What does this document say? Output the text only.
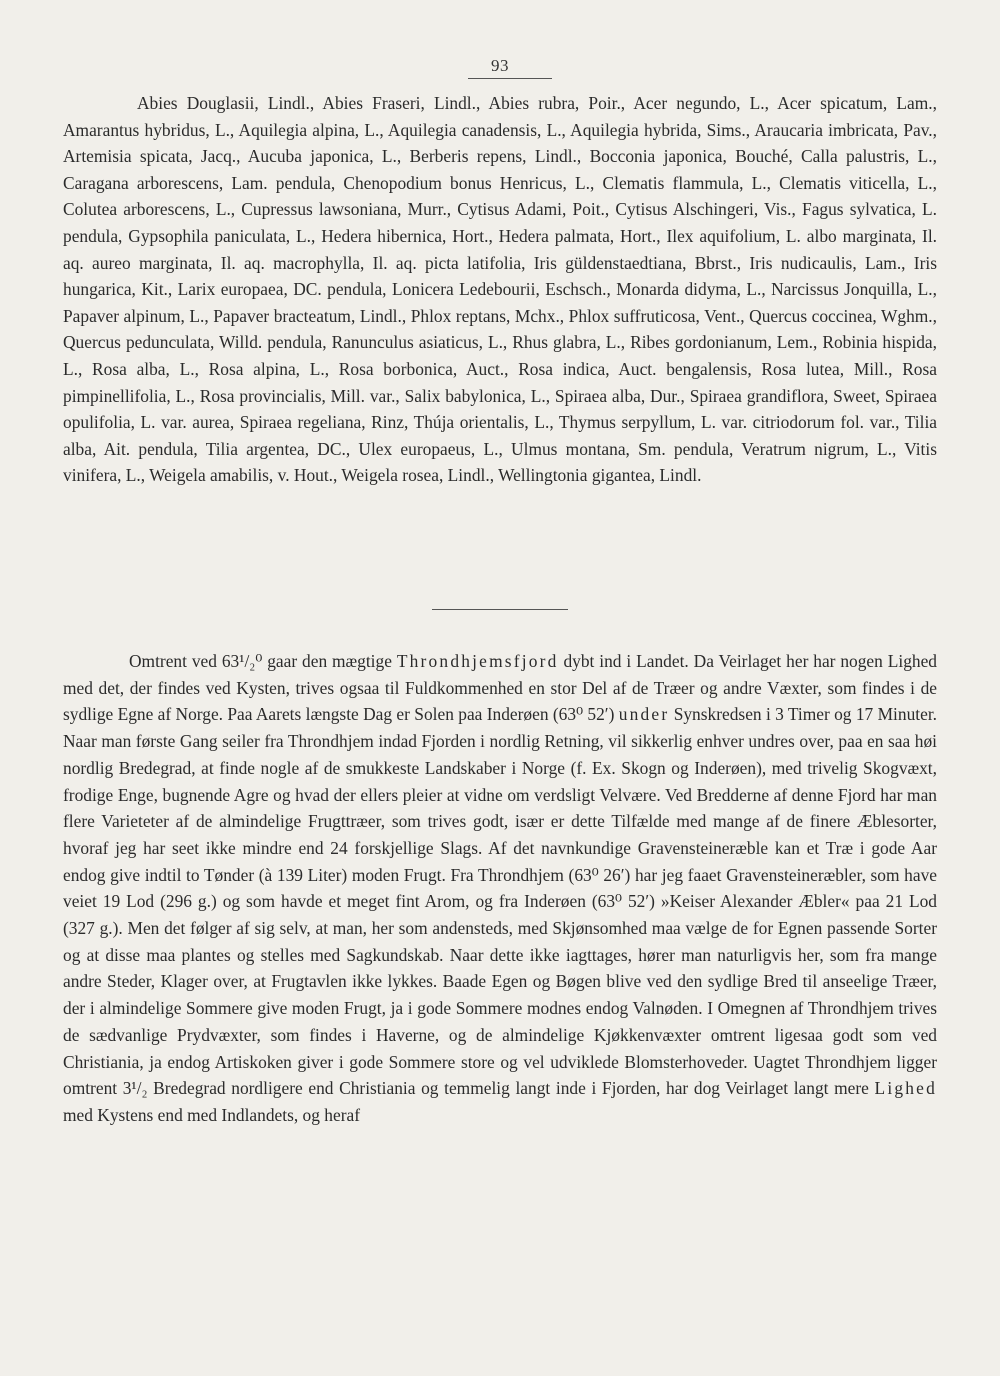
93

Abies Douglasii, Lindl., Abies Fraseri, Lindl., Abies rubra, Poir., Acer negundo, L., Acer spicatum, Lam., Amarantus hybridus, L., Aquilegia alpina, L., Aquilegia canadensis, L., Aquilegia hybrida, Sims., Araucaria imbricata, Pav., Artemisia spicata, Jacq., Aucuba japonica, L., Berberis repens, Lindl., Bocconia japonica, Bouché, Calla palustris, L., Caragana arborescens, Lam. pendula, Chenopodium bonus Henricus, L., Clematis flammula, L., Clematis viticella, L., Colutea arborescens, L., Cupressus lawsoniana, Murr., Cytisus Adami, Poit., Cytisus Alschingeri, Vis., Fagus sylvatica, L. pendula, Gypsophila paniculata, L., Hedera hibernica, Hort., Hedera palmata, Hort., Ilex aquifolium, L. albo marginata, Il. aq. aureo marginata, Il. aq. macrophylla, Il. aq. picta latifolia, Iris güldenstaedtiana, Bbrst., Iris nudicaulis, Lam., Iris hungarica, Kit., Larix europaea, DC. pendula, Lonicera Ledebourii, Eschsch., Monarda didyma, L., Narcissus Jonquilla, L., Papaver alpinum, L., Papaver bracteatum, Lindl., Phlox reptans, Mchx., Phlox suffruticosa, Vent., Quercus coccinea, Wghm., Quercus pedunculata, Willd. pendula, Ranunculus asiaticus, L., Rhus glabra, L., Ribes gordonianum, Lem., Robinia hispida, L., Rosa alba, L., Rosa alpina, L., Rosa borbonica, Auct., Rosa indica, Auct. bengalensis, Rosa lutea, Mill., Rosa pimpinellifolia, L., Rosa provincialis, Mill. var., Salix babylonica, L., Spiraea alba, Dur., Spiraea grandiflora, Sweet, Spiraea opulifolia, L. var. aurea, Spiraea regeliana, Rinz, Thúja orientalis, L., Thymus serpyllum, L. var. citriodorum fol. var., Tilia alba, Ait. pendula, Tilia argentea, DC., Ulex europaeus, L., Ulmus montana, Sm. pendula, Veratrum nigrum, L., Vitis vinifera, L., Weigela amabilis, v. Hout., Weigela rosea, Lindl., Wellingtonia gigantea, Lindl.

Omtrent ved 63¹/₂⁰ gaar den mægtige Throndhjemsfjord dybt ind i Landet. Da Veirlaget her har nogen Lighed med det, der findes ved Kysten, trives ogsaa til Fuldkommenhed en stor Del af de Træer og andre Væxter, som findes i de sydlige Egne af Norge. Paa Aarets længste Dag er Solen paa Inderøen (63⁰ 52′) under Synskredsen i 3 Timer og 17 Minuter. Naar man første Gang seiler fra Throndhjem indad Fjorden i nordlig Retning, vil sikkerlig enhver undres over, paa en saa høi nordlig Bredegrad, at finde nogle af de smukkeste Landskaber i Norge (f. Ex. Skogn og Inderøen), med trivelig Skogvæxt, frodige Enge, bugnende Agre og hvad der ellers pleier at vidne om verdsligt Velvære. Ved Bredderne af denne Fjord har man flere Varieteter af de almindelige Frugttræer, som trives godt, især er dette Tilfælde med mange af de finere Æblesorter, hvoraf jeg har seet ikke mindre end 24 forskjellige Slags. Af det navnkundige Gravensteineræble kan et Træ i gode Aar endog give indtil to Tønder (à 139 Liter) moden Frugt. Fra Throndhjem (63⁰ 26′) har jeg faaet Gravensteineræbler, som have veiet 19 Lod (296 g.) og som havde et meget fint Arom, og fra Inderøen (63⁰ 52′) »Keiser Alexander Æbler« paa 21 Lod (327 g.). Men det følger af sig selv, at man, her som andensteds, med Skjønsomhed maa vælge de for Egnen passende Sorter og at disse maa plantes og stelles med Sagkundskab. Naar dette ikke iagttages, hører man naturligvis her, som fra mange andre Steder, Klager over, at Frugtavlen ikke lykkes. Baade Egen og Bøgen blive ved den sydlige Bred til anseelige Træer, der i almindelige Sommere give moden Frugt, ja i gode Sommere modnes endog Valnøden. I Omegnen af Throndhjem trives de sædvanlige Prydvæxter, som findes i Haverne, og de almindelige Kjøkkenvæxter omtrent ligesaa godt som ved Christiania, ja endog Artiskoken giver i gode Sommere store og vel udviklede Blomsterhoveder. Uagtet Throndhjem ligger omtrent 3¹/₂ Bredegrad nordligere end Christiania og temmelig langt inde i Fjorden, har dog Veirlaget langt mere Lighed med Kystens end med Indlandets, og heraf
